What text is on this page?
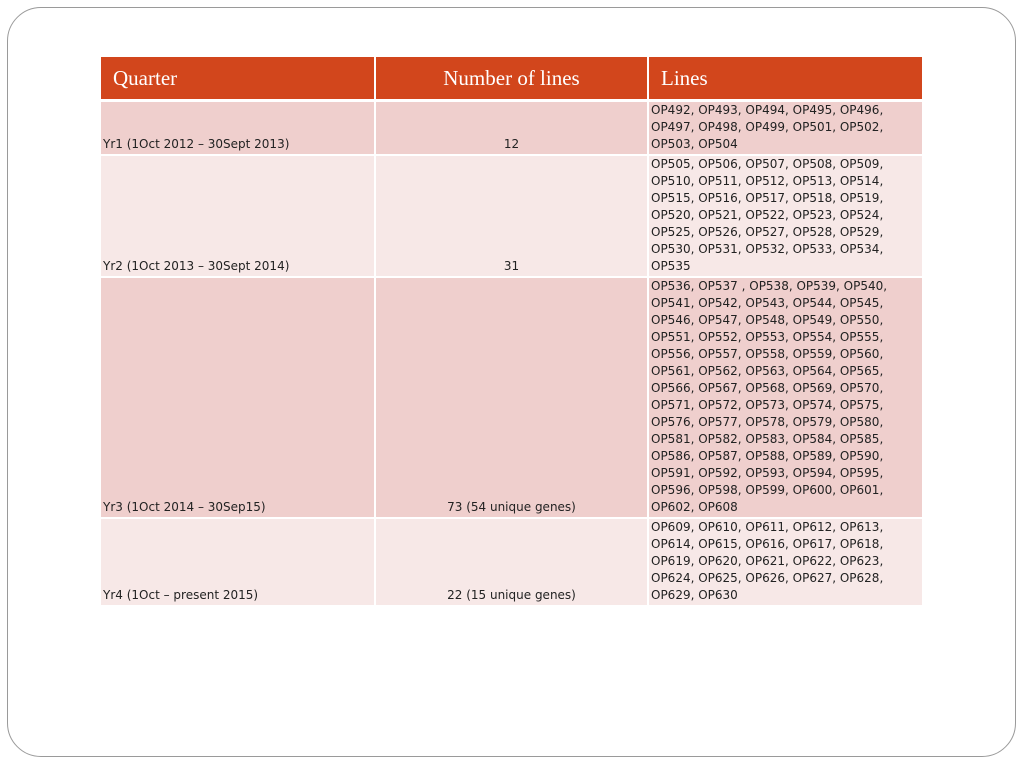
Quarter	Number of lines	Lines
Yr1 (1Oct 2012 – 30Sept 2013)	12	OP492, OP493, OP494, OP495, OP496, OP497, OP498, OP499, OP501, OP502, OP503, OP504
Yr2 (1Oct 2013 – 30Sept 2014)	31	OP505, OP506, OP507, OP508, OP509, OP510, OP511, OP512, OP513, OP514, OP515, OP516, OP517, OP518, OP519, OP520, OP521, OP522, OP523, OP524, OP525, OP526, OP527, OP528, OP529, OP530, OP531, OP532, OP533, OP534, OP535
Yr3 (1Oct 2014 – 30Sep15)	73 (54 unique genes)	OP536, OP537 , OP538, OP539, OP540, OP541, OP542, OP543, OP544, OP545, OP546, OP547, OP548, OP549, OP550, OP551, OP552, OP553, OP554, OP555, OP556, OP557, OP558, OP559, OP560, OP561, OP562, OP563, OP564, OP565, OP566, OP567, OP568, OP569, OP570, OP571, OP572, OP573, OP574, OP575, OP576, OP577, OP578, OP579, OP580, OP581, OP582, OP583, OP584, OP585, OP586, OP587, OP588, OP589, OP590, OP591, OP592, OP593, OP594, OP595, OP596, OP598, OP599, OP600, OP601, OP602, OP608
Yr4 (1Oct – present 2015)	22 (15 unique genes)	OP609, OP610, OP611, OP612, OP613, OP614, OP615, OP616, OP617, OP618, OP619, OP620, OP621, OP622, OP623, OP624, OP625, OP626, OP627, OP628, OP629, OP630
